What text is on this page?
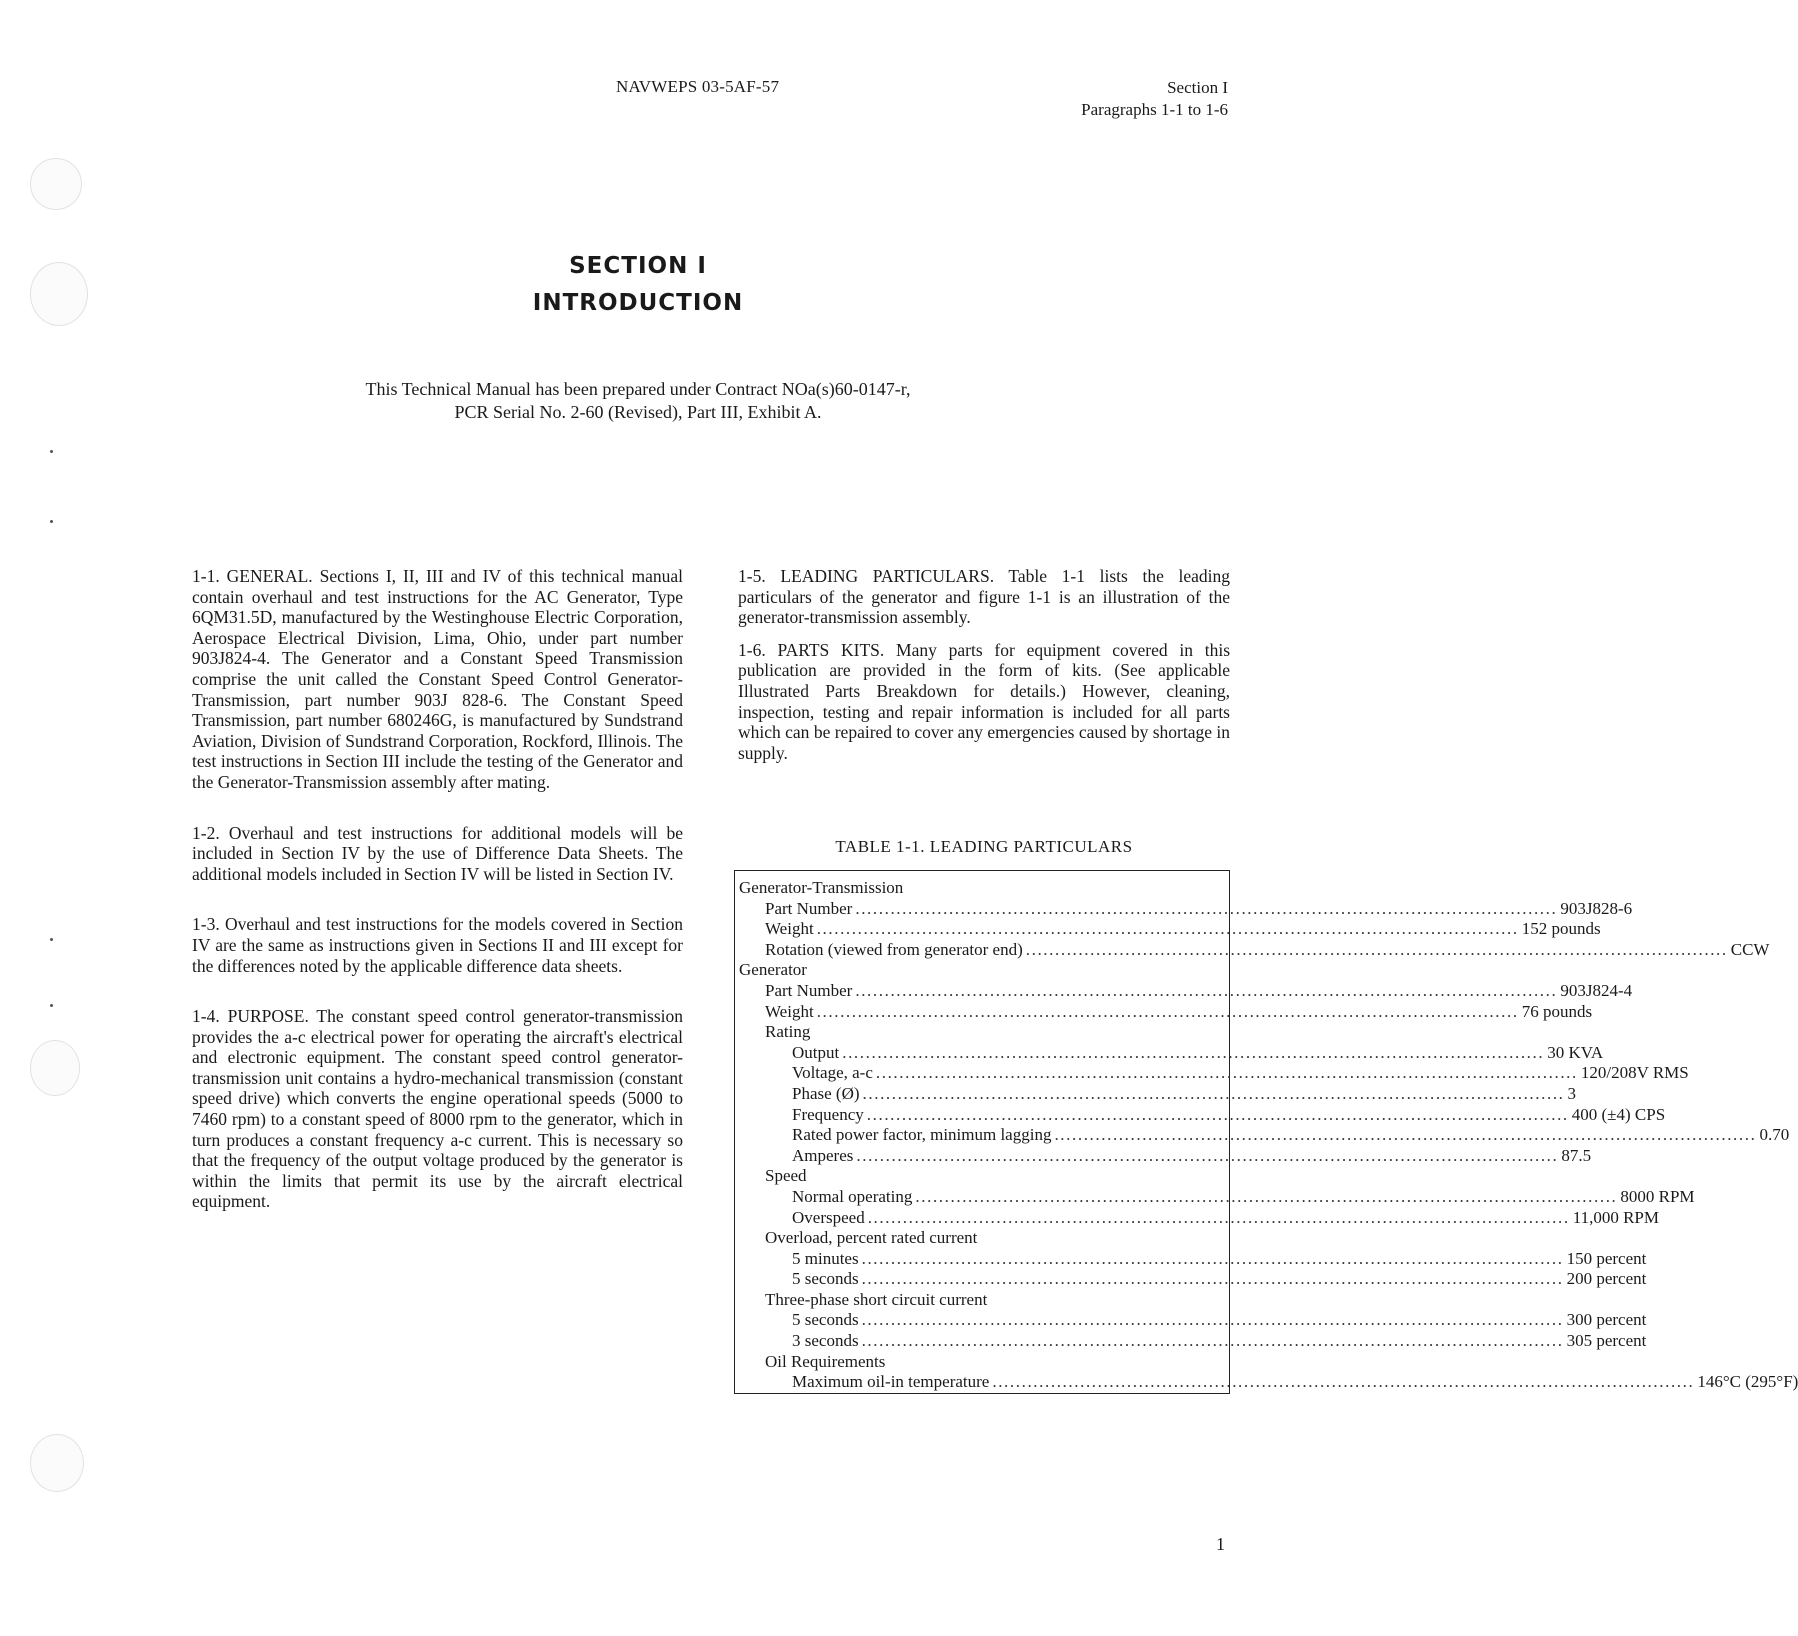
NAVWEPS 03-5AF-57	Section I
Paragraphs 1-1 to 1-6
SECTION I
INTRODUCTION
This Technical Manual has been prepared under Contract NOa(s)60-0147-r,
PCR Serial No. 2-60 (Revised), Part III, Exhibit A.

1-1. GENERAL. Sections I, II, III and IV of this technical manual contain overhaul and test instructions for the AC Generator, Type 6QM31.5D, manufactured by the Westinghouse Electric Corporation, Aerospace Electrical Division, Lima, Ohio, under part number 903J824-4. The Generator and a Constant Speed Transmission comprise the unit called the Constant Speed Control Generator-Transmission, part number 903J 828-6. The Constant Speed Transmission, part number 680246G, is manufactured by Sundstrand Aviation, Division of Sundstrand Corporation, Rockford, Illinois. The test instructions in Section III include the testing of the Generator and the Generator-Transmission assembly after mating.

1-2. Overhaul and test instructions for additional models will be included in Section IV by the use of Difference Data Sheets. The additional models included in Section IV will be listed in Section IV.

1-3. Overhaul and test instructions for the models covered in Section IV are the same as instructions given in Sections II and III except for the differences noted by the applicable difference data sheets.

1-4. PURPOSE. The constant speed control generator-transmission provides the a-c electrical power for operating the aircraft's electrical and electronic equipment. The constant speed control generator-transmission unit contains a hydro-mechanical transmission (constant speed drive) which converts the engine operational speeds (5000 to 7460 rpm) to a constant speed of 8000 rpm to the generator, which in turn produces a constant frequency a-c current. This is necessary so that the frequency of the output voltage produced by the generator is within the limits that permit its use by the aircraft electrical equipment.

1-5. LEADING PARTICULARS. Table 1-1 lists the leading particulars of the generator and figure 1-1 is an illustration of the generator-transmission assembly.

1-6. PARTS KITS. Many parts for equipment covered in this publication are provided in the form of kits. (See applicable Illustrated Parts Breakdown for details.) However, cleaning, inspection, testing and repair information is included for all parts which can be repaired to cover any emergencies caused by shortage in supply.

TABLE 1-1. LEADING PARTICULARS
Generator-Transmission
Part Number ........................................................................................................................ 903J828-6
Weight ........................................................................................................................ 152 pounds
Rotation (viewed from generator end) ........................................................................................................................ CCW
Generator
Part Number ........................................................................................................................ 903J824-4
Weight ........................................................................................................................ 76 pounds
Rating
Output ........................................................................................................................ 30 KVA
Voltage, a-c ........................................................................................................................ 120/208V RMS
Phase (Ø) ........................................................................................................................ 3
Frequency ........................................................................................................................ 400 (±4) CPS
Rated power factor, minimum lagging ........................................................................................................................ 0.70
Amperes ........................................................................................................................ 87.5
Speed
Normal operating ........................................................................................................................ 8000 RPM
Overspeed ........................................................................................................................ 11,000 RPM
Overload, percent rated current
5 minutes ........................................................................................................................ 150 percent
5 seconds ........................................................................................................................ 200 percent
Three-phase short circuit current
5 seconds ........................................................................................................................ 300 percent
3 seconds ........................................................................................................................ 305 percent
Oil Requirements
Maximum oil-in temperature ........................................................................................................................ 146°C (295°F)
1
